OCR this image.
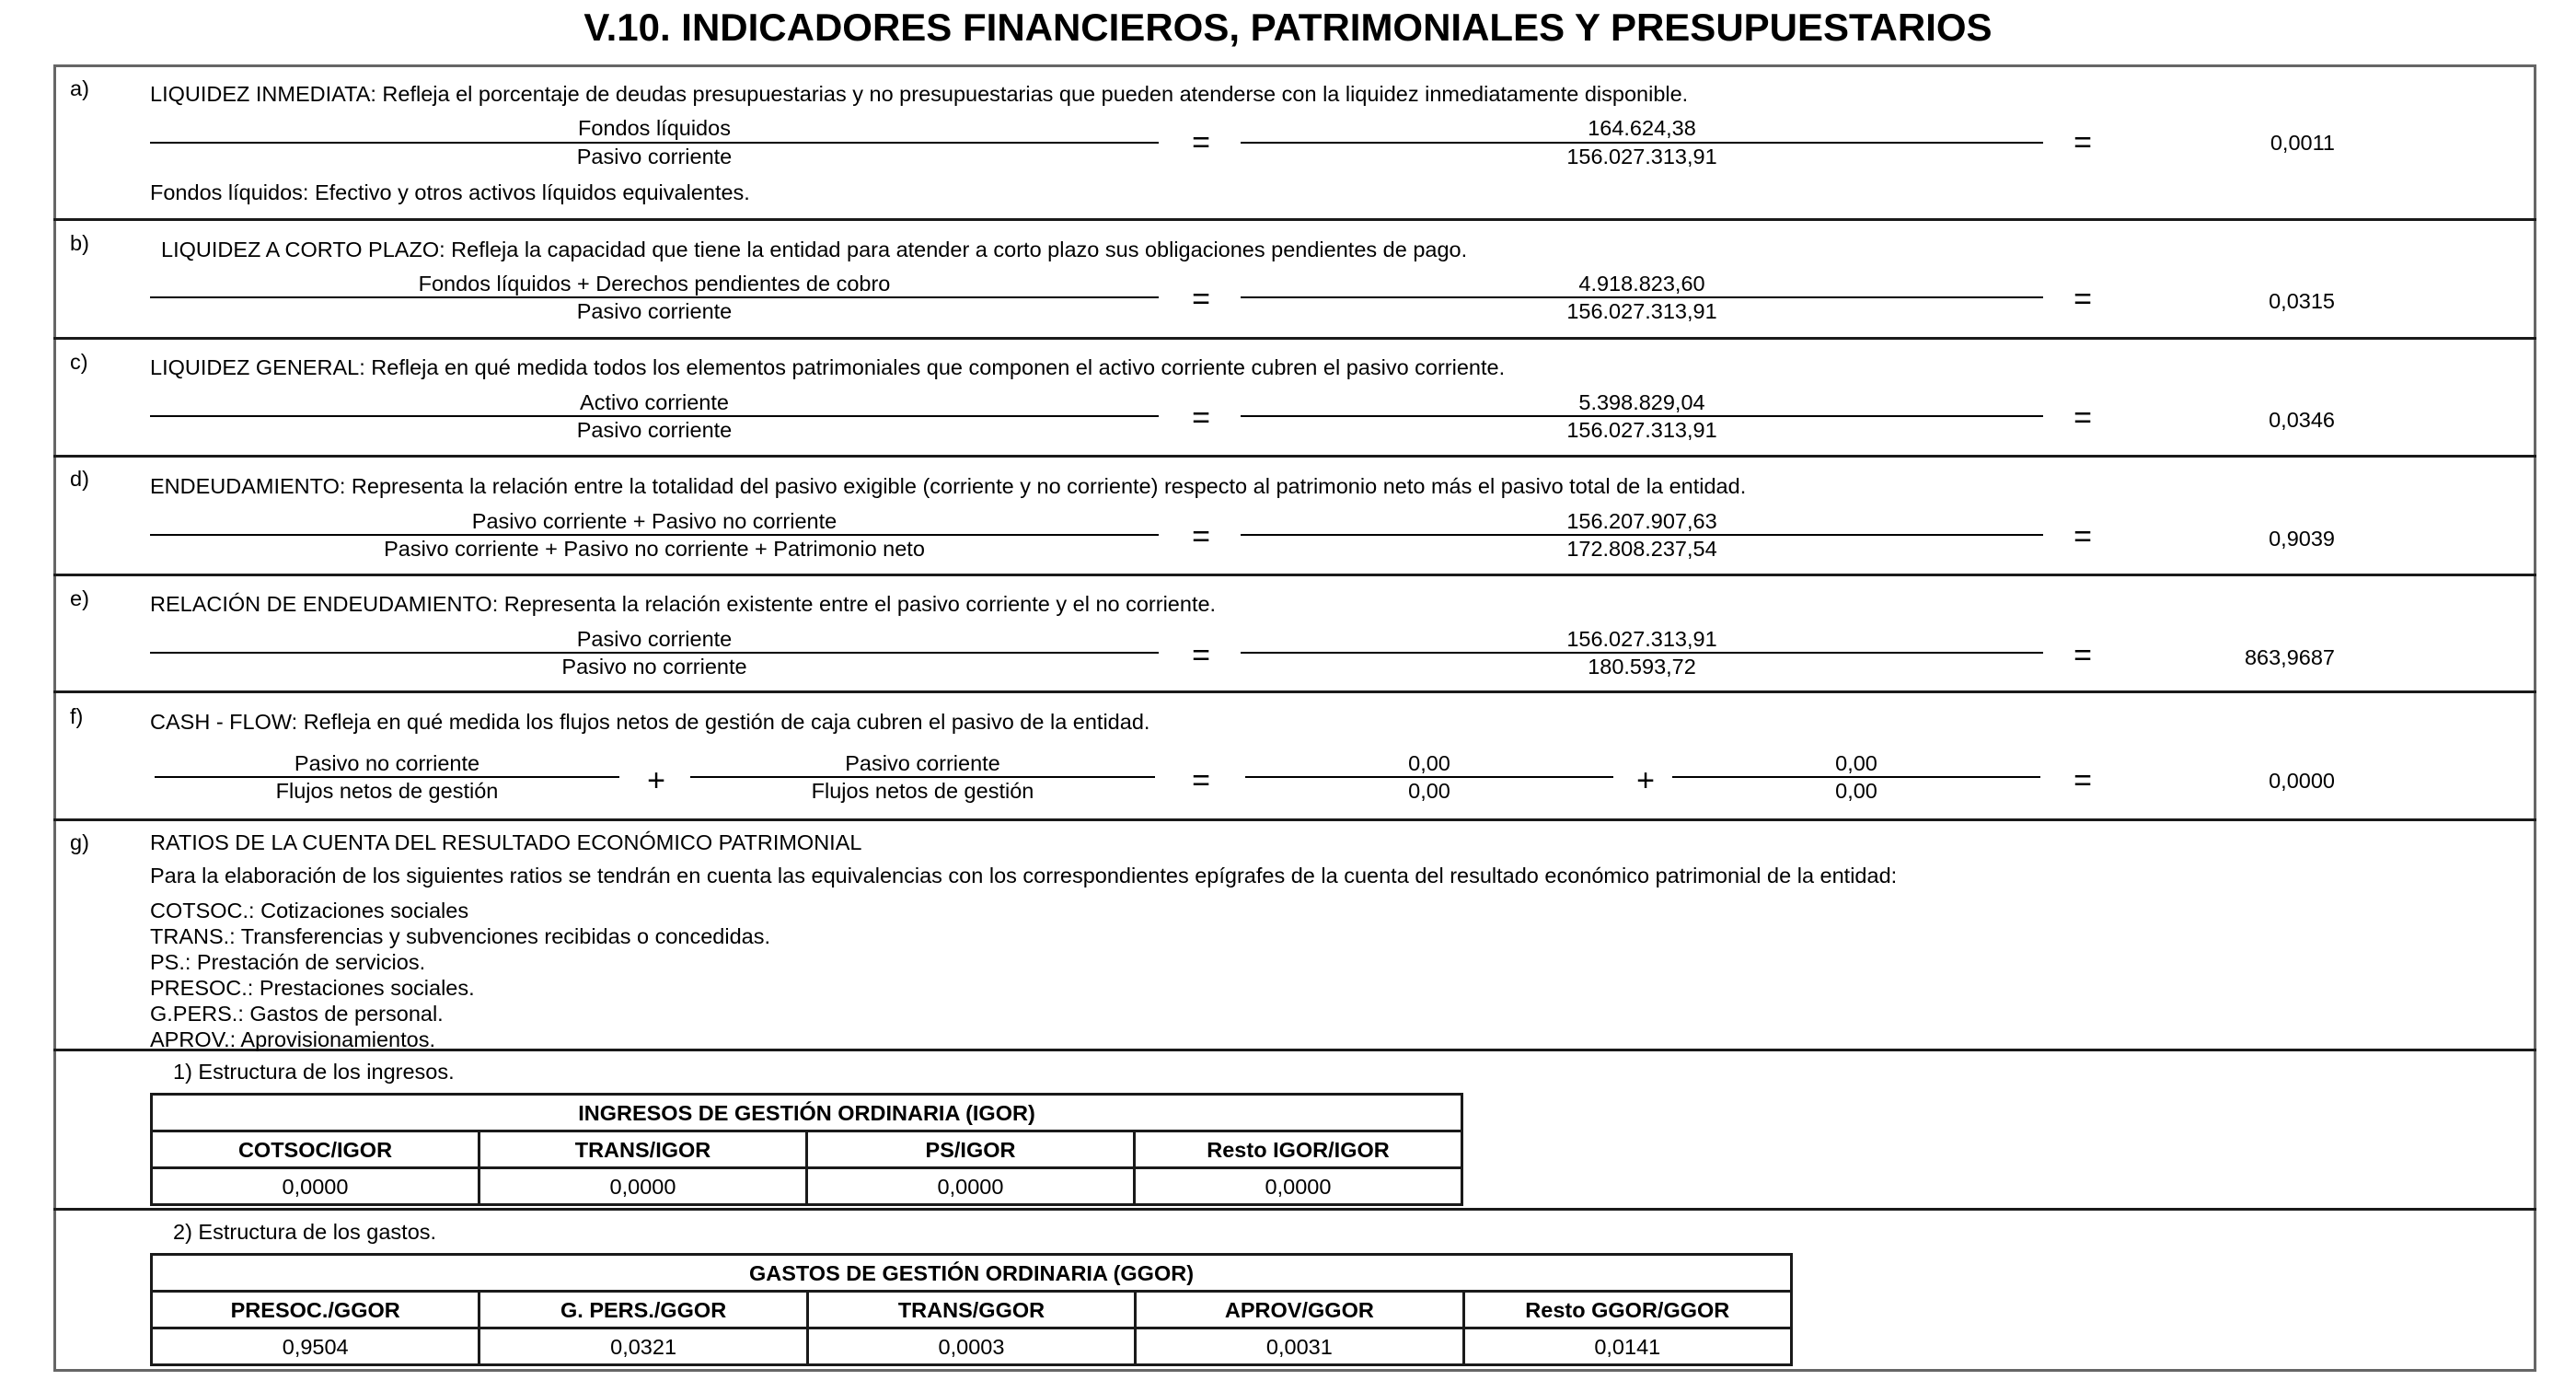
V.10. INDICADORES FINANCIEROS, PATRIMONIALES Y PRESUPUESTARIOS
a)	LIQUIDEZ INMEDIATA: Refleja el porcentaje de deudas presupuestarias y no presupuestarias que pueden atenderse con la liquidez inmediatamente disponible.
Fondos líquidos
Pasivo corriente	=	164.624,38
156.027.313,91	=	0,0011
Fondos líquidos: Efectivo y otros activos líquidos equivalentes.
b)	LIQUIDEZ A CORTO PLAZO: Refleja la capacidad que tiene la entidad para atender a corto plazo sus obligaciones pendientes de pago.
Fondos líquidos + Derechos pendientes de cobro
Pasivo corriente	=	4.918.823,60
156.027.313,91	=	0,0315
c)	LIQUIDEZ GENERAL: Refleja en qué medida todos los elementos patrimoniales que componen el activo corriente cubren el pasivo corriente.
Activo corriente
Pasivo corriente	=	5.398.829,04
156.027.313,91	=	0,0346
d)	ENDEUDAMIENTO: Representa la relación entre la totalidad del pasivo exigible (corriente y no corriente) respecto al patrimonio neto más el pasivo total de la entidad.
Pasivo corriente + Pasivo no corriente
Pasivo corriente + Pasivo no corriente + Patrimonio neto	=	156.207.907,63
172.808.237,54	=	0,9039
e)	RELACIÓN DE ENDEUDAMIENTO: Representa la relación existente entre el pasivo corriente y el no corriente.
Pasivo corriente
Pasivo no corriente	=	156.027.313,91
180.593,72	=	863,9687
f)	CASH - FLOW: Refleja en qué medida los flujos netos de gestión de caja cubren el pasivo de la entidad.
Pasivo no corriente
Flujos netos de gestión	+	Pasivo corriente
Flujos netos de gestión	=	0,00
0,00	+	0,00
0,00	=	0,0000
g)	RATIOS DE LA CUENTA DEL RESULTADO ECONÓMICO PATRIMONIAL
Para la elaboración de los siguientes ratios se tendrán en cuenta las equivalencias con los correspondientes epígrafes de la cuenta del resultado económico patrimonial de la entidad:
COTSOC.: Cotizaciones sociales
TRANS.: Transferencias y subvenciones recibidas o concedidas.
PS.: Prestación de servicios.
PRESOC.: Prestaciones sociales.
G.PERS.: Gastos de personal.
APROV.: Aprovisionamientos.
1) Estructura de los ingresos.
INGRESOS DE GESTIÓN ORDINARIA (IGOR)			
COTSOC/IGOR	TRANS/IGOR	PS/IGOR	Resto IGOR/IGOR
0,0000	0,0000	0,0000	0,0000
2) Estructura de los gastos.
GASTOS DE GESTIÓN ORDINARIA (GGOR)				
PRESOC./GGOR	G. PERS./GGOR	TRANS/GGOR	APROV/GGOR	Resto GGOR/GGOR
0,9504	0,0321	0,0003	0,0031	0,0141
